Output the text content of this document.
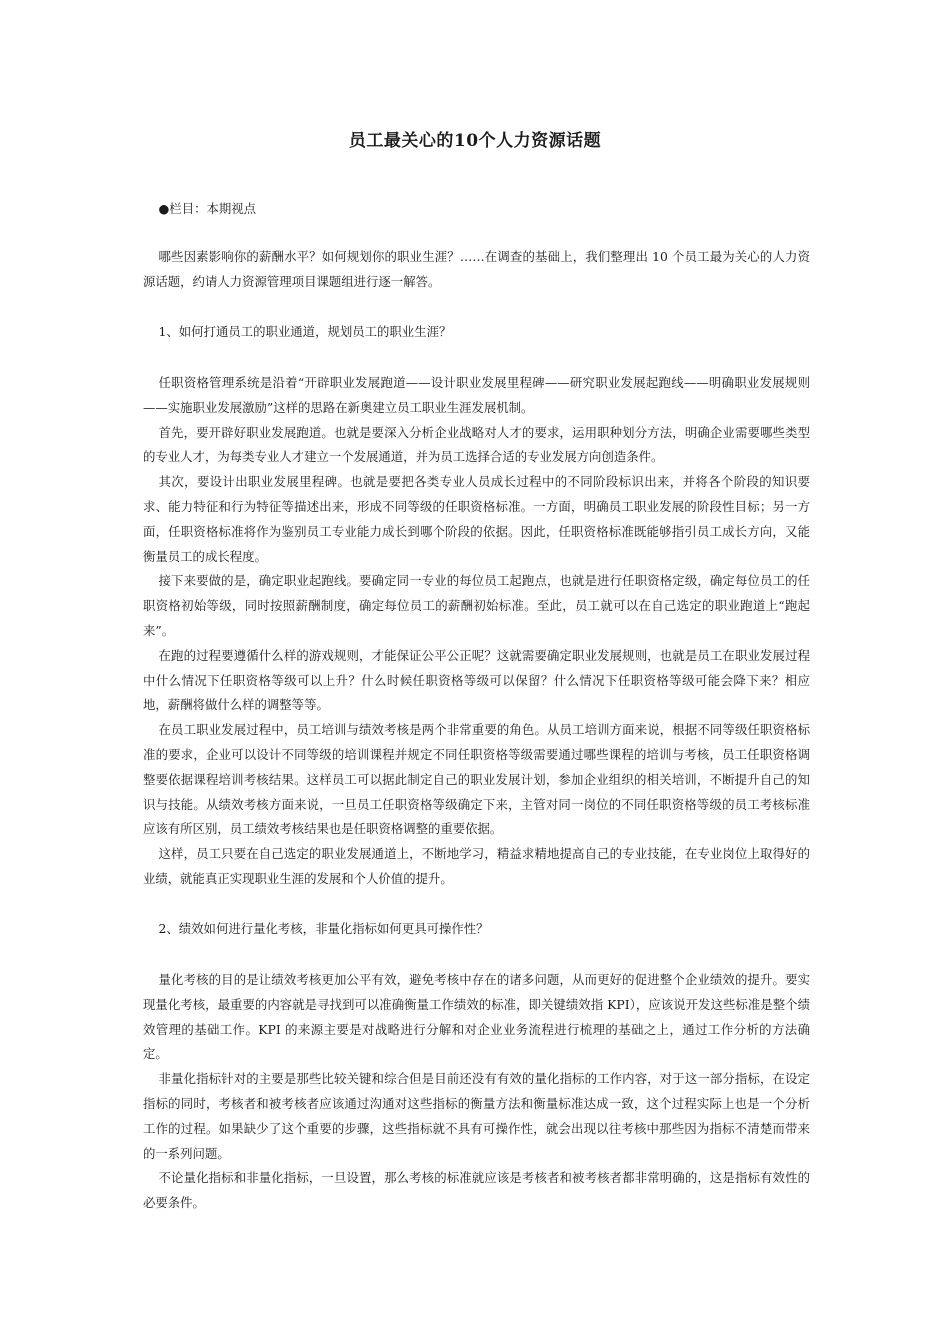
员工最关心的10个人力资源话题

●栏目：本期视点

哪些因素影响你的薪酬水平？如何规划你的职业生涯？……在调查的基础上，我们整理出 10 个员工最为关心的人力资源话题，约请人力资源管理项目课题组进行逐一解答。

1、如何打通员工的职业通道，规划员工的职业生涯？

任职资格管理系统是沿着“开辟职业发展跑道——设计职业发展里程碑——研究职业发展起跑线——明确职业发展规则——实施职业发展激励”这样的思路在新奥建立员工职业生涯发展机制。

首先，要开辟好职业发展跑道。也就是要深入分析企业战略对人才的要求，运用职种划分方法，明确企业需要哪些类型的专业人才，为每类专业人才建立一个发展通道，并为员工选择合适的专业发展方向创造条件。

其次，要设计出职业发展里程碑。也就是要把各类专业人员成长过程中的不同阶段标识出来，并将各个阶段的知识要求、能力特征和行为特征等描述出来，形成不同等级的任职资格标准。一方面，明确员工职业发展的阶段性目标；另一方面，任职资格标准将作为鉴别员工专业能力成长到哪个阶段的依据。因此，任职资格标准既能够指引员工成长方向，又能衡量员工的成长程度。

接下来要做的是，确定职业起跑线。要确定同一专业的每位员工起跑点，也就是进行任职资格定级，确定每位员工的任职资格初始等级，同时按照薪酬制度，确定每位员工的薪酬初始标准。至此，员工就可以在自己选定的职业跑道上“跑起来”。

在跑的过程要遵循什么样的游戏规则，才能保证公平公正呢？这就需要确定职业发展规则，也就是员工在职业发展过程中什么情况下任职资格等级可以上升？什么时候任职资格等级可以保留？什么情况下任职资格等级可能会降下来？相应地，薪酬将做什么样的调整等等。

在员工职业发展过程中，员工培训与绩效考核是两个非常重要的角色。从员工培训方面来说，根据不同等级任职资格标准的要求，企业可以设计不同等级的培训课程并规定不同任职资格等级需要通过哪些课程的培训与考核，员工任职资格调整要依据课程培训考核结果。这样员工可以据此制定自己的职业发展计划，参加企业组织的相关培训，不断提升自己的知识与技能。从绩效考核方面来说，一旦员工任职资格等级确定下来，主管对同一岗位的不同任职资格等级的员工考核标准应该有所区别，员工绩效考核结果也是任职资格调整的重要依据。

这样，员工只要在自己选定的职业发展通道上，不断地学习，精益求精地提高自己的专业技能，在专业岗位上取得好的业绩，就能真正实现职业生涯的发展和个人价值的提升。

2、绩效如何进行量化考核，非量化指标如何更具可操作性？

量化考核的目的是让绩效考核更加公平有效，避免考核中存在的诸多问题，从而更好的促进整个企业绩效的提升。要实现量化考核，最重要的内容就是寻找到可以准确衡量工作绩效的标准，即关键绩效指 KPI），应该说开发这些标准是整个绩效管理的基础工作。KPI 的来源主要是对战略进行分解和对企业业务流程进行梳理的基础之上，通过工作分析的方法确定。

非量化指标针对的主要是那些比较关键和综合但是目前还没有有效的量化指标的工作内容，对于这一部分指标，在设定指标的同时，考核者和被考核者应该通过沟通对这些指标的衡量方法和衡量标准达成一致，这个过程实际上也是一个分析工作的过程。如果缺少了这个重要的步骤，这些指标就不具有可操作性，就会出现以往考核中那些因为指标不清楚而带来的一系列问题。

不论量化指标和非量化指标，一旦设置，那么考核的标准就应该是考核者和被考核者都非常明确的，这是指标有效性的必要条件。
